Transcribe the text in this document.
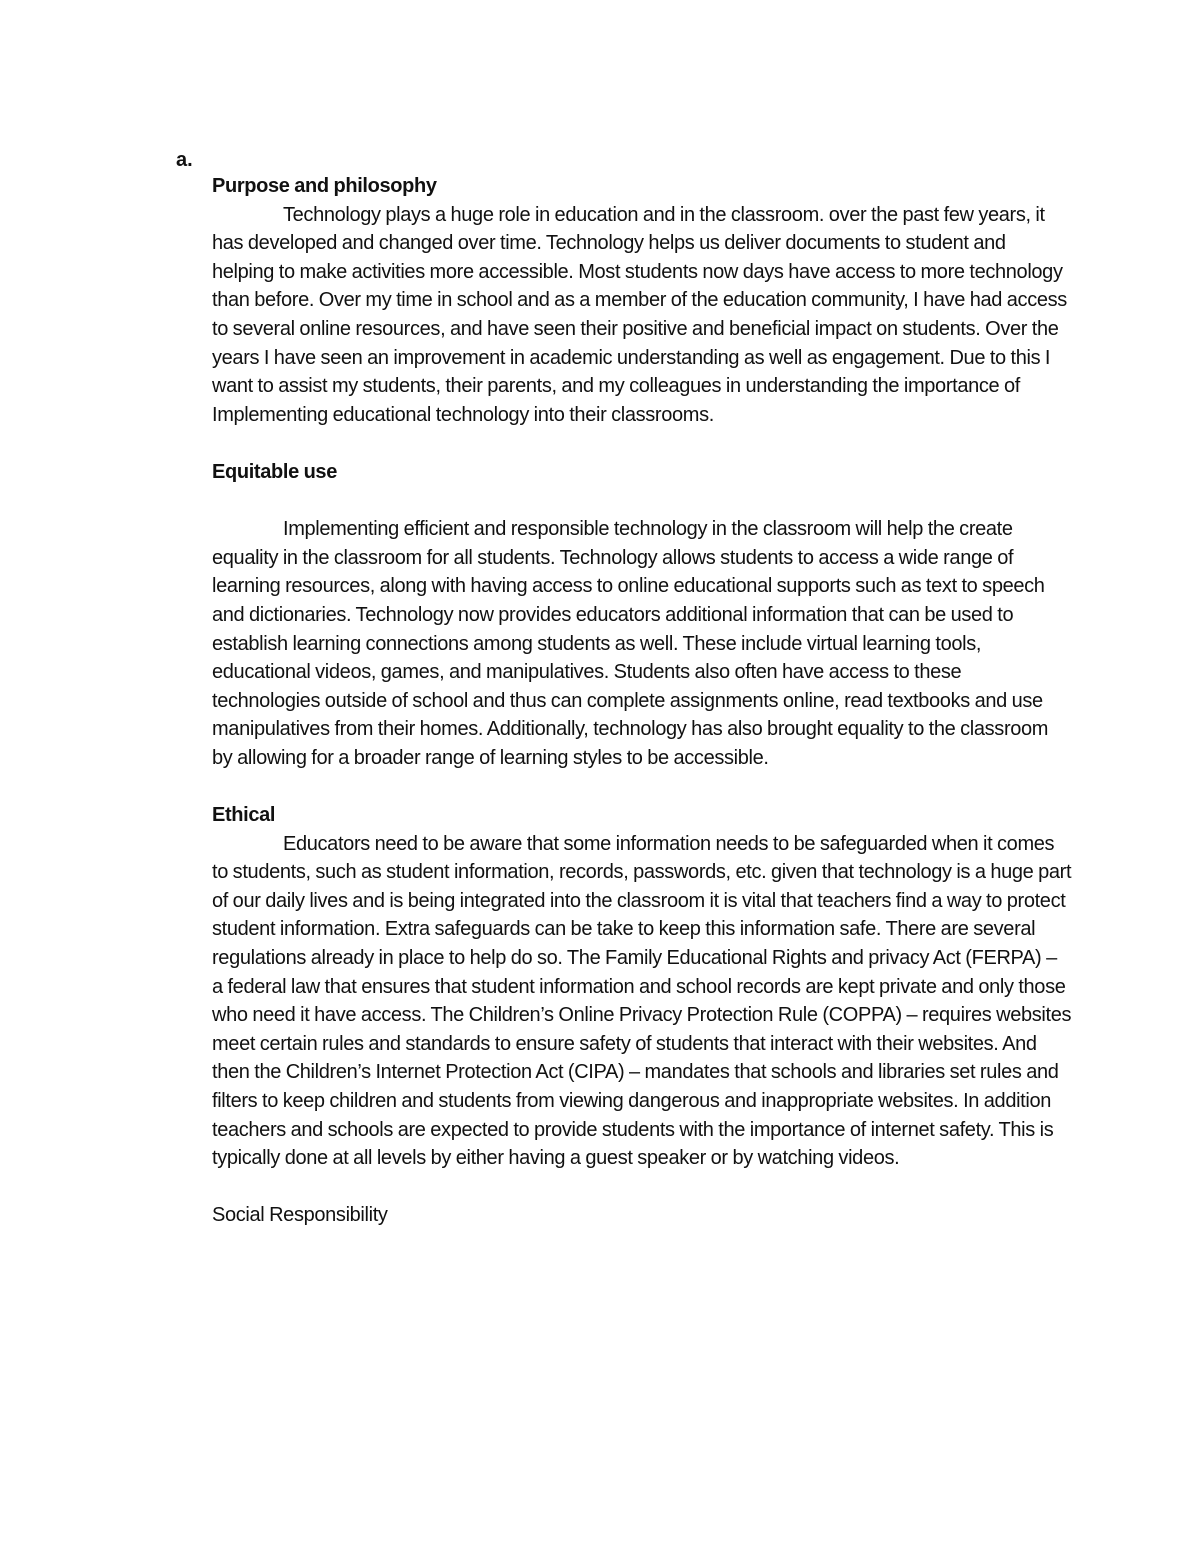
a.

Purpose and philosophy

Technology plays a huge role in education and in the classroom. over the past few years, it has developed and changed over time. Technology helps us deliver documents to student and helping to make activities more accessible. Most students now days have access to more technology than before. Over my time in school and as a member of the education community, I have had access to several online resources, and have seen their positive and beneficial impact on students. Over the years I have seen an improvement in academic understanding as well as engagement. Due to this I want to assist my students, their parents, and my colleagues in understanding the importance of Implementing educational technology into their classrooms.

Equitable use

Implementing efficient and responsible technology in the classroom will help the create equality in the classroom for all students. Technology allows students to access a wide range of learning resources, along with having access to online educational supports such as text to speech and dictionaries. Technology now provides educators additional information that can be used to establish learning connections among students as well. These include virtual learning tools, educational videos, games, and manipulatives. Students also often have access to these technologies outside of school and thus can complete assignments online, read textbooks and use manipulatives from their homes. Additionally, technology has also brought equality to the classroom by allowing for a broader range of learning styles to be accessible.

Ethical

Educators need to be aware that some information needs to be safeguarded when it comes to students, such as student information, records, passwords, etc. given that technology is a huge part of our daily lives and is being integrated into the classroom it is vital that teachers find a way to protect student information. Extra safeguards can be take to keep this information safe. There are several regulations already in place to help do so. The Family Educational Rights and privacy Act (FERPA) – a federal law that ensures that student information and school records are kept private and only those who need it have access. The Children’s Online Privacy Protection Rule (COPPA) – requires websites meet certain rules and standards to ensure safety of students that interact with their websites. And then the Children’s Internet Protection Act (CIPA) – mandates that schools and libraries set rules and filters to keep children and students from viewing dangerous and inappropriate websites. In addition teachers and schools are expected to provide students with the importance of internet safety. This is typically done at all levels by either having a guest speaker or by watching videos.

Social Responsibility
